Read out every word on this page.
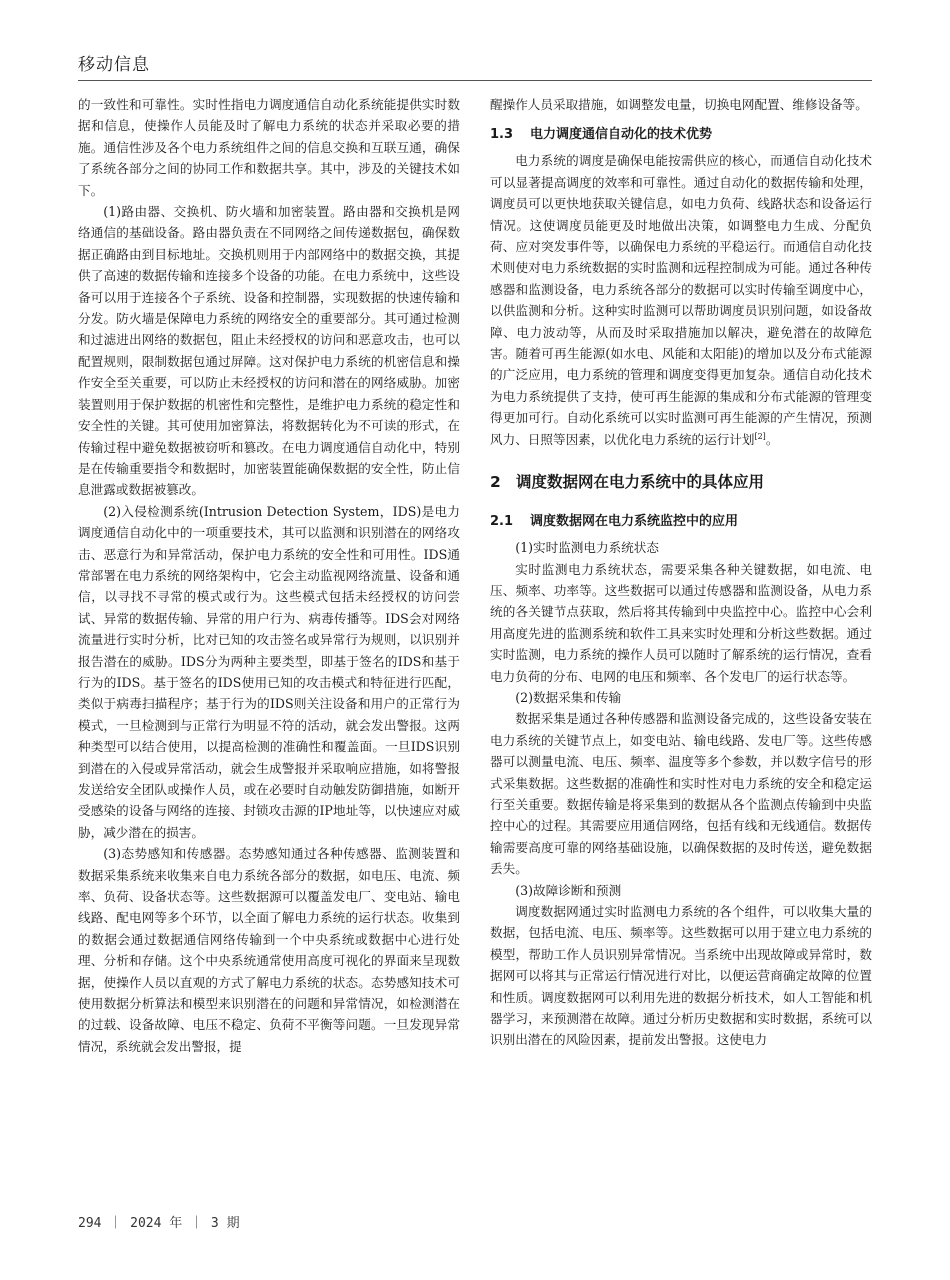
移动信息

的一致性和可靠性。实时性指电力调度通信自动化系统能提供实时数据和信息，使操作人员能及时了解电力系统的状态并采取必要的措施。通信性涉及各个电力系统组件之间的信息交换和互联互通，确保了系统各部分之间的协同工作和数据共享。其中，涉及的关键技术如下。

(1)路由器、交换机、防火墙和加密装置。路由器和交换机是网络通信的基础设备。路由器负责在不同网络之间传递数据包，确保数据正确路由到目标地址。交换机则用于内部网络中的数据交换，其提供了高速的数据传输和连接多个设备的功能。在电力系统中，这些设备可以用于连接各个子系统、设备和控制器，实现数据的快速传输和分发。防火墙是保障电力系统的网络安全的重要部分。其可通过检测和过滤进出网络的数据包，阻止未经授权的访问和恶意攻击，也可以配置规则，限制数据包通过屏障。这对保护电力系统的机密信息和操作安全至关重要，可以防止未经授权的访问和潜在的网络威胁。加密装置则用于保护数据的机密性和完整性，是维护电力系统的稳定性和安全性的关键。其可使用加密算法，将数据转化为不可读的形式，在传输过程中避免数据被窃听和篡改。在电力调度通信自动化中，特别是在传输重要指令和数据时，加密装置能确保数据的安全性，防止信息泄露或数据被篡改。

(2)入侵检测系统(Intrusion Detection System，IDS)是电力调度通信自动化中的一项重要技术，其可以监测和识别潜在的网络攻击、恶意行为和异常活动，保护电力系统的安全性和可用性。IDS通常部署在电力系统的网络架构中，它会主动监视网络流量、设备和通信，以寻找不寻常的模式或行为。这些模式包括未经授权的访问尝试、异常的数据传输、异常的用户行为、病毒传播等。IDS会对网络流量进行实时分析，比对已知的攻击签名或异常行为规则，以识别并报告潜在的威胁。IDS分为两种主要类型，即基于签名的IDS和基于行为的IDS。基于签名的IDS使用已知的攻击模式和特征进行匹配，类似于病毒扫描程序；基于行为的IDS则关注设备和用户的正常行为模式，一旦检测到与正常行为明显不符的活动，就会发出警报。这两种类型可以结合使用，以提高检测的准确性和覆盖面。一旦IDS识别到潜在的入侵或异常活动，就会生成警报并采取响应措施，如将警报发送给安全团队或操作人员，或在必要时自动触发防御措施，如断开受感染的设备与网络的连接、封锁攻击源的IP地址等，以快速应对威胁，减少潜在的损害。

(3)态势感知和传感器。态势感知通过各种传感器、监测装置和数据采集系统来收集来自电力系统各部分的数据，如电压、电流、频率、负荷、设备状态等。这些数据源可以覆盖发电厂、变电站、输电线路、配电网等多个环节，以全面了解电力系统的运行状态。收集到的数据会通过数据通信网络传输到一个中央系统或数据中心进行处理、分析和存储。这个中央系统通常使用高度可视化的界面来呈现数据，使操作人员以直观的方式了解电力系统的状态。态势感知技术可使用数据分析算法和模型来识别潜在的问题和异常情况，如检测潜在的过载、设备故障、电压不稳定、负荷不平衡等问题。一旦发现异常情况，系统就会发出警报，提

醒操作人员采取措施，如调整发电量，切换电网配置、维修设备等。

1.3 电力调度通信自动化的技术优势

电力系统的调度是确保电能按需供应的核心，而通信自动化技术可以显著提高调度的效率和可靠性。通过自动化的数据传输和处理，调度员可以更快地获取关键信息，如电力负荷、线路状态和设备运行情况。这使调度员能更及时地做出决策，如调整电力生成、分配负荷、应对突发事件等，以确保电力系统的平稳运行。而通信自动化技术则使对电力系统数据的实时监测和远程控制成为可能。通过各种传感器和监测设备，电力系统各部分的数据可以实时传输至调度中心，以供监测和分析。这种实时监测可以帮助调度员识别问题，如设备故障、电力波动等，从而及时采取措施加以解决，避免潜在的故障危害。随着可再生能源(如水电、风能和太阳能)的增加以及分布式能源的广泛应用，电力系统的管理和调度变得更加复杂。通信自动化技术为电力系统提供了支持，使可再生能源的集成和分布式能源的管理变得更加可行。自动化系统可以实时监测可再生能源的产生情况，预测风力、日照等因素，以优化电力系统的运行计划[2]。

2 调度数据网在电力系统中的具体应用
2.1 调度数据网在电力系统监控中的应用

(1)实时监测电力系统状态

实时监测电力系统状态，需要采集各种关键数据，如电流、电压、频率、功率等。这些数据可以通过传感器和监测设备，从电力系统的各关键节点获取，然后将其传输到中央监控中心。监控中心会利用高度先进的监测系统和软件工具来实时处理和分析这些数据。通过实时监测，电力系统的操作人员可以随时了解系统的运行情况，查看电力负荷的分布、电网的电压和频率、各个发电厂的运行状态等。

(2)数据采集和传输

数据采集是通过各种传感器和监测设备完成的，这些设备安装在电力系统的关键节点上，如变电站、输电线路、发电厂等。这些传感器可以测量电流、电压、频率、温度等多个参数，并以数字信号的形式采集数据。这些数据的准确性和实时性对电力系统的安全和稳定运行至关重要。数据传输是将采集到的数据从各个监测点传输到中央监控中心的过程。其需要应用通信网络，包括有线和无线通信。数据传输需要高度可靠的网络基础设施，以确保数据的及时传送，避免数据丢失。

(3)故障诊断和预测

调度数据网通过实时监测电力系统的各个组件，可以收集大量的数据，包括电流、电压、频率等。这些数据可以用于建立电力系统的模型，帮助工作人员识别异常情况。当系统中出现故障或异常时，数据网可以将其与正常运行情况进行对比，以便运营商确定故障的位置和性质。调度数据网可以利用先进的数据分析技术，如人工智能和机器学习，来预测潜在故障。通过分析历史数据和实时数据，系统可以识别出潜在的风险因素，提前发出警报。这使电力

294 ｜ 2024 年 ｜ 3 期
